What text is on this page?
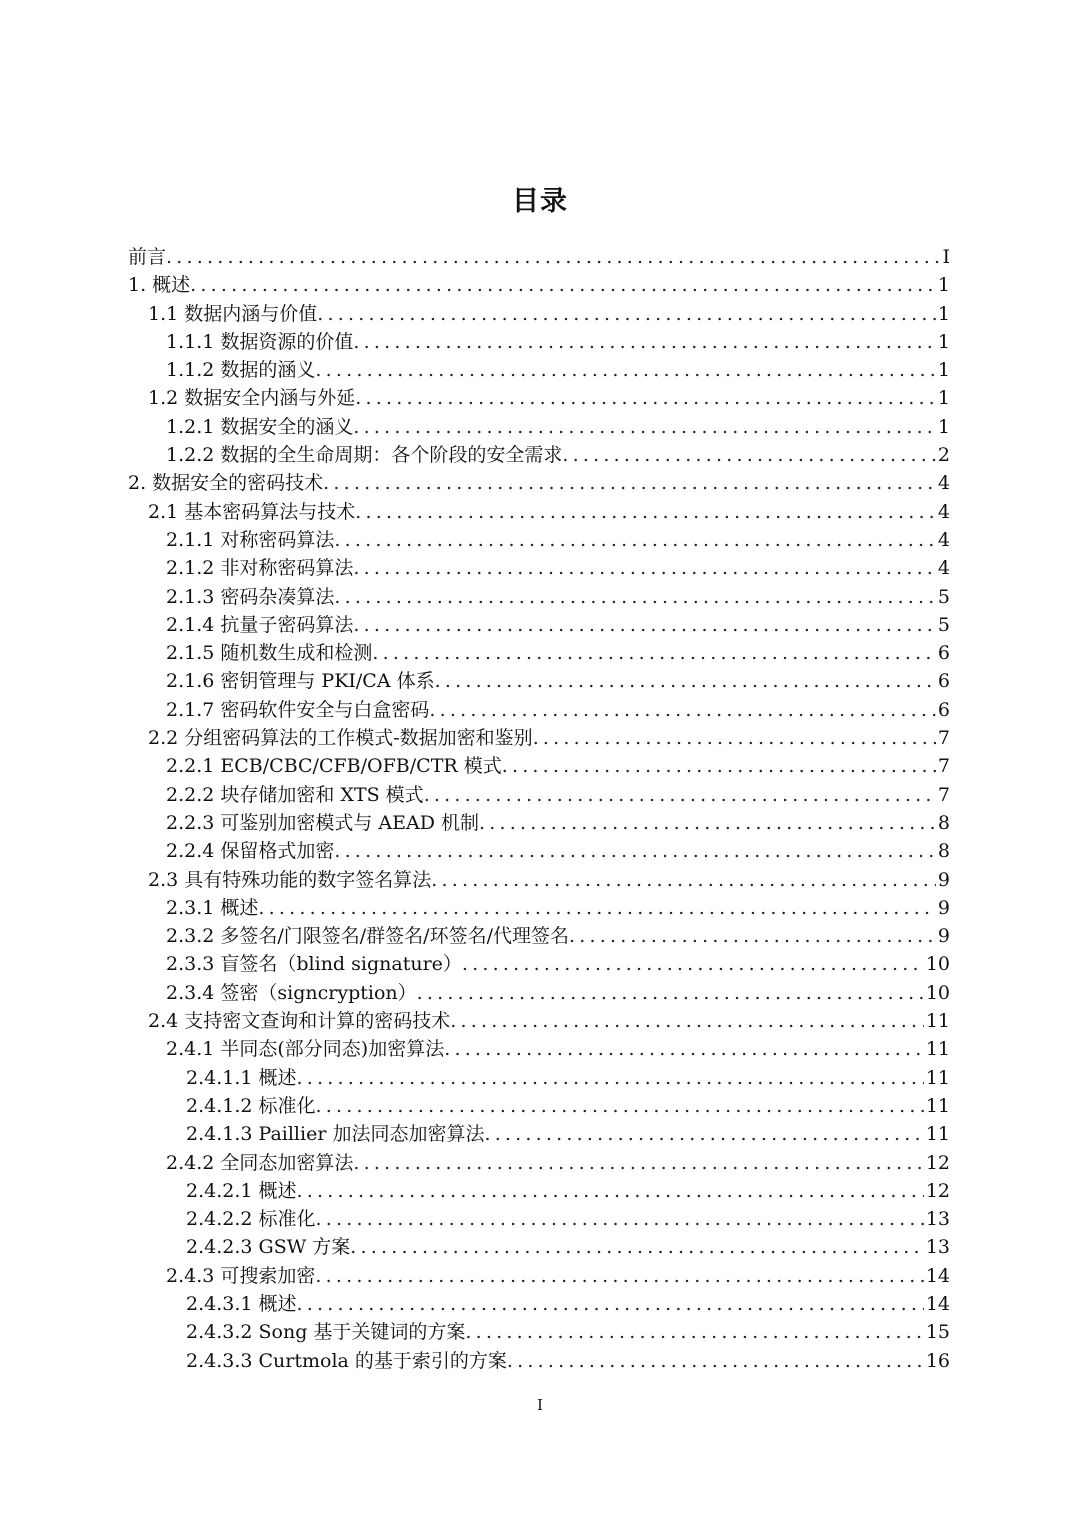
目录
前言 .....	I
1. 概述 .....	1
1.1 数据内涵与价值 .....	1
1.1.1 数据资源的价值 .....	1
1.1.2 数据的涵义 .....	1
1.2 数据安全内涵与外延 .....	1
1.2.1 数据安全的涵义 .....	1
1.2.2 数据的全生命周期：各个阶段的安全需求 .....	2
2. 数据安全的密码技术 .....	4
2.1 基本密码算法与技术 .....	4
2.1.1 对称密码算法 .....	4
2.1.2 非对称密码算法 .....	4
2.1.3 密码杂凑算法 .....	5
2.1.4 抗量子密码算法 .....	5
2.1.5 随机数生成和检测 .....	6
2.1.6 密钥管理与 PKI/CA 体系 .....	6
2.1.7 密码软件安全与白盒密码 .....	6
2.2 分组密码算法的工作模式-数据加密和鉴别 .....	7
2.2.1 ECB/CBC/CFB/OFB/CTR 模式 .....	7
2.2.2 块存储加密和 XTS 模式 .....	7
2.2.3 可鉴别加密模式与 AEAD 机制 .....	8
2.2.4 保留格式加密 .....	8
2.3 具有特殊功能的数字签名算法 .....	9
2.3.1 概述 .....	9
2.3.2 多签名/门限签名/群签名/环签名/代理签名 .....	9
2.3.3 盲签名（blind signature） .....	10
2.3.4 签密（signcryption） .....	10
2.4 支持密文查询和计算的密码技术 .....	11
2.4.1 半同态(部分同态)加密算法 .....	11
2.4.1.1 概述 .....	11
2.4.1.2 标准化 .....	11
2.4.1.3 Paillier 加法同态加密算法 .....	11
2.4.2 全同态加密算法 .....	12
2.4.2.1 概述 .....	12
2.4.2.2 标准化 .....	13
2.4.2.3 GSW 方案 .....	13
2.4.3 可搜索加密 .....	14
2.4.3.1 概述 .....	14
2.4.3.2 Song 基于关键词的方案 .....	15
2.4.3.3 Curtmola 的基于索引的方案 .....	16
I
